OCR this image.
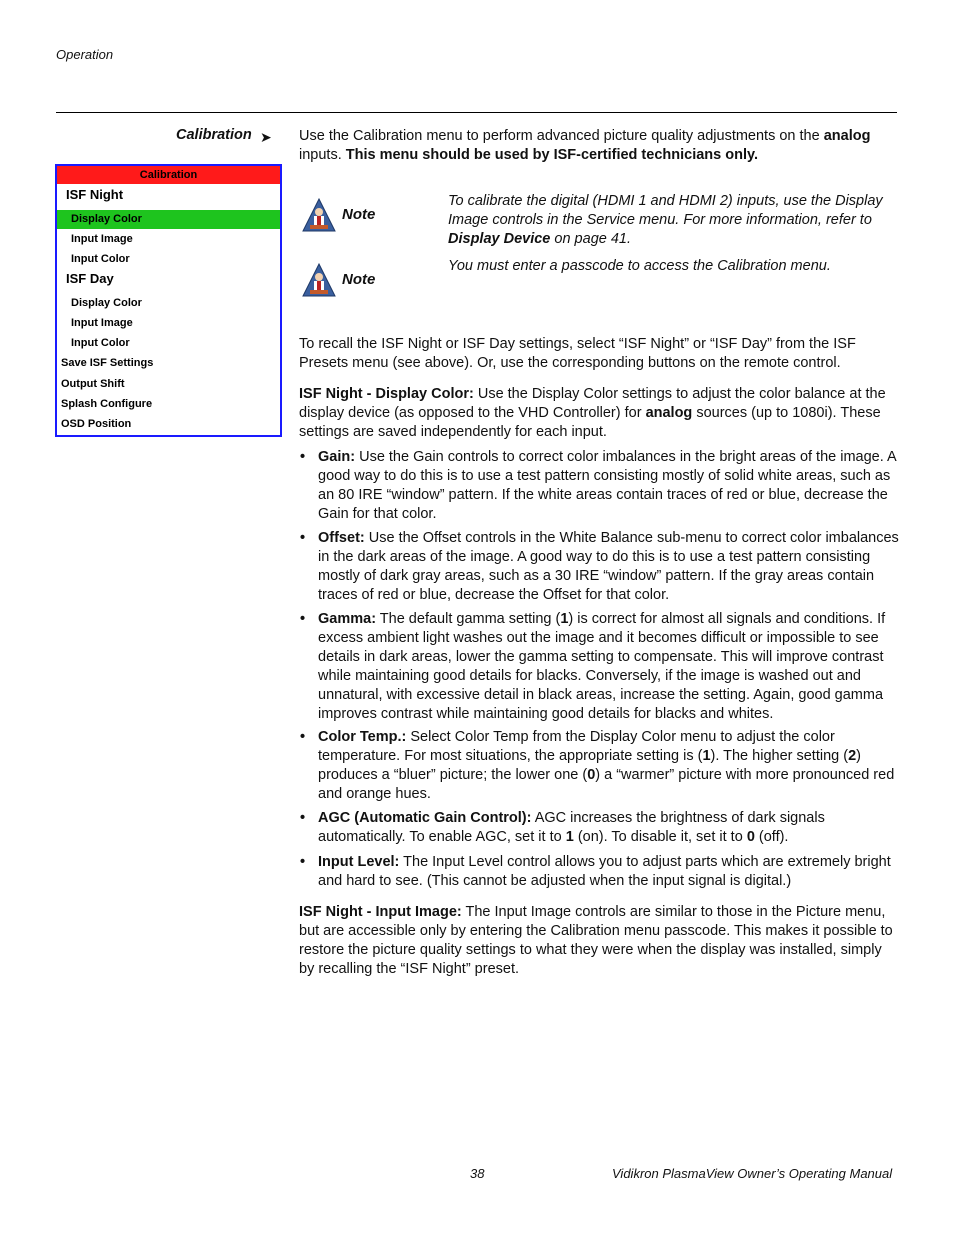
Operation
Calibration ➤
Calibration
ISF Night
Display Color
Input Image
Input Color
ISF Day
Display Color
Input Image
Input Color
Save ISF Settings
Output Shift
Splash Configure
OSD Position
Use the Calibration menu to perform advanced picture quality adjustments on the analog inputs. This menu should be used by ISF-certified technicians only.
Note
To calibrate the digital (HDMI 1 and HDMI 2) inputs, use the Display Image controls in the Service menu. For more information, refer to Display Device on page 41.
Note
You must enter a passcode to access the Calibration menu.
To recall the ISF Night or ISF Day settings, select “ISF Night” or “ISF Day” from the ISF Presets menu (see above). Or, use the corresponding buttons on the remote control.
ISF Night - Display Color: Use the Display Color settings to adjust the color balance at the display device (as opposed to the VHD Controller) for analog sources (up to 1080i). These settings are saved independently for each input.
• Gain: Use the Gain controls to correct color imbalances in the bright areas of the image. A good way to do this is to use a test pattern consisting mostly of solid white areas, such as an 80 IRE “window” pattern. If the white areas contain traces of red or blue, decrease the Gain for that color.
• Offset: Use the Offset controls in the White Balance sub-menu to correct color imbalances in the dark areas of the image. A good way to do this is to use a test pattern consisting mostly of dark gray areas, such as a 30 IRE “window” pattern. If the gray areas contain traces of red or blue, decrease the Offset for that color.
• Gamma: The default gamma setting (1) is correct for almost all signals and conditions. If excess ambient light washes out the image and it becomes difficult or impossible to see details in dark areas, lower the gamma setting to compensate. This will improve contrast while maintaining good details for blacks. Conversely, if the image is washed out and unnatural, with excessive detail in black areas, increase the setting. Again, good gamma improves contrast while maintaining good details for blacks and whites.
• Color Temp.: Select Color Temp from the Display Color menu to adjust the color temperature. For most situations, the appropriate setting is (1). The higher setting (2) produces a “bluer” picture; the lower one (0) a “warmer” picture with more pronounced red and orange hues.
• AGC (Automatic Gain Control): AGC increases the brightness of dark signals automatically. To enable AGC, set it to 1 (on). To disable it, set it to 0 (off).
• Input Level: The Input Level control allows you to adjust parts which are extremely bright and hard to see. (This cannot be adjusted when the input signal is digital.)
ISF Night - Input Image: The Input Image controls are similar to those in the Picture menu, but are accessible only by entering the Calibration menu passcode. This makes it possible to restore the picture quality settings to what they were when the display was installed, simply by recalling the “ISF Night” preset.
38	Vidikron PlasmaView Owner’s Operating Manual
